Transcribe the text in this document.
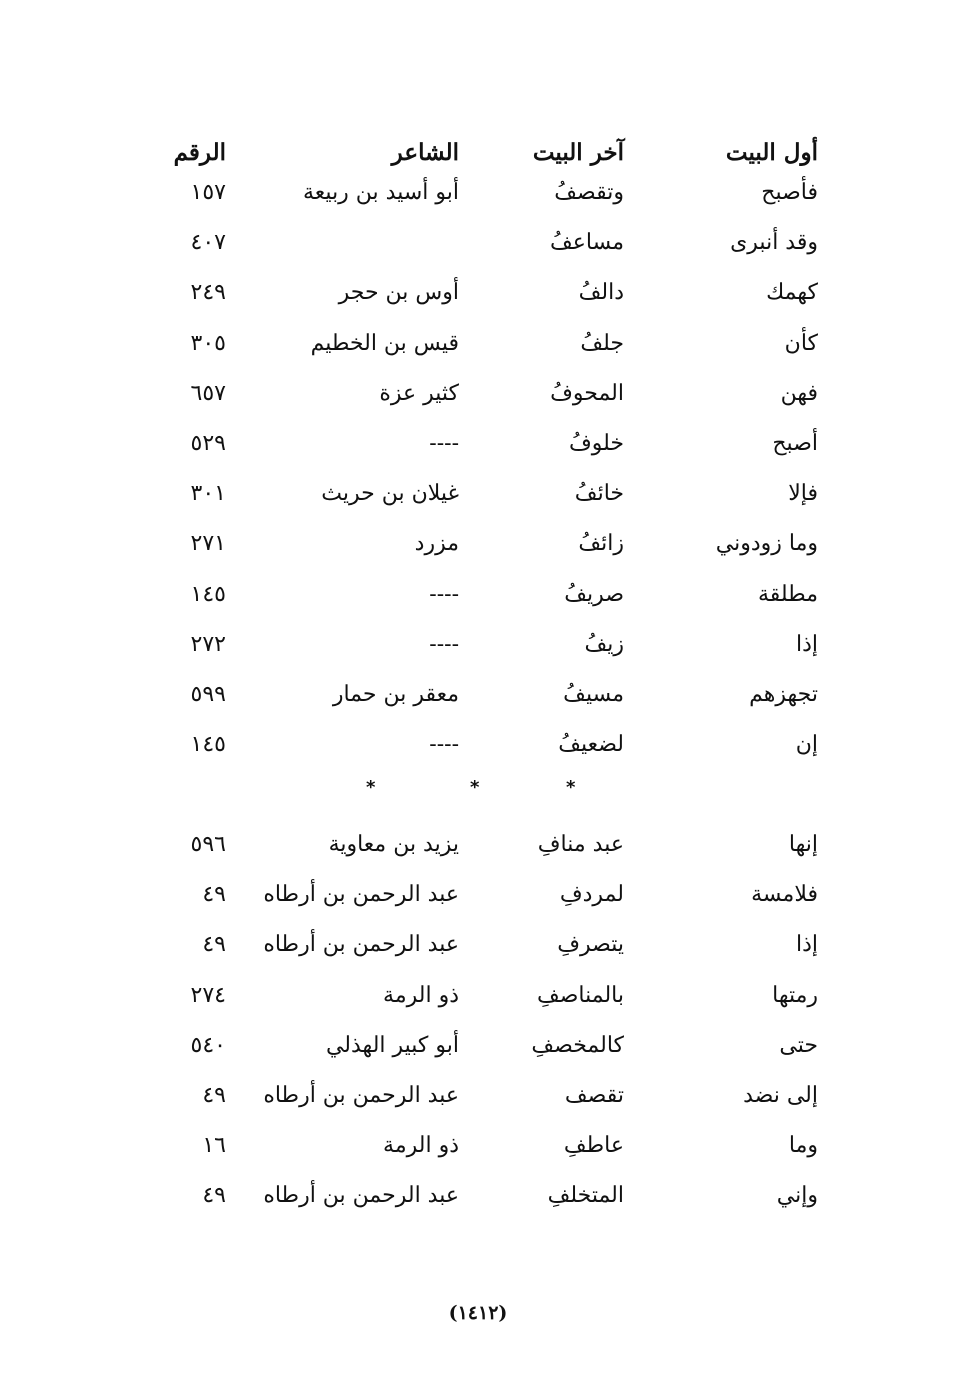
أول البيت
آخر البيت
الشاعر
الرقم
فأصبح
وتقصفُ
أبو أسيد بن ربيعة
١٥٧
وقد أنبرى
مساعفُ
٤٠٧
كهمك
دالفُ
أوس بن حجر
٢٤٩
كأن
جلفُ
قيس بن الخطيم
٣٠٥
فهن
المحوفُ
كثير عزة
٦٥٧
أصبح
خلوفُ
----
٥٢٩
فإلا
خائفُ
غيلان بن حريث
٣٠١
وما زودوني
زائفُ
مزرد
٢٧١
مطلقة
صريفُ
----
١٤٥
إذا
زيفُ
----
٢٧٢
تجهزهم
مسيفُ
معقر بن حمار
٥٩٩
إن
لضعيفُ
----
١٤٥
*	*	*
إنها
عبد منافِ
يزيد بن معاوية
٥٩٦
فلامسة
لمردفِ
عبد الرحمن بن أرطاه
٤٩
إذا
يتصرفِ
عبد الرحمن بن أرطاه
٤٩
رمتها
بالمناصفِ
ذو الرمة
٢٧٤
حتى
كالمخصفِ
أبو كبير الهذلي
٥٤٠
إلى نضد
تقصف
عبد الرحمن بن أرطاه
٤٩
وما
عاطفِ
ذو الرمة
١٦
وإني
المتخلفِ
عبد الرحمن بن أرطاه
٤٩
(١٤١٢)
